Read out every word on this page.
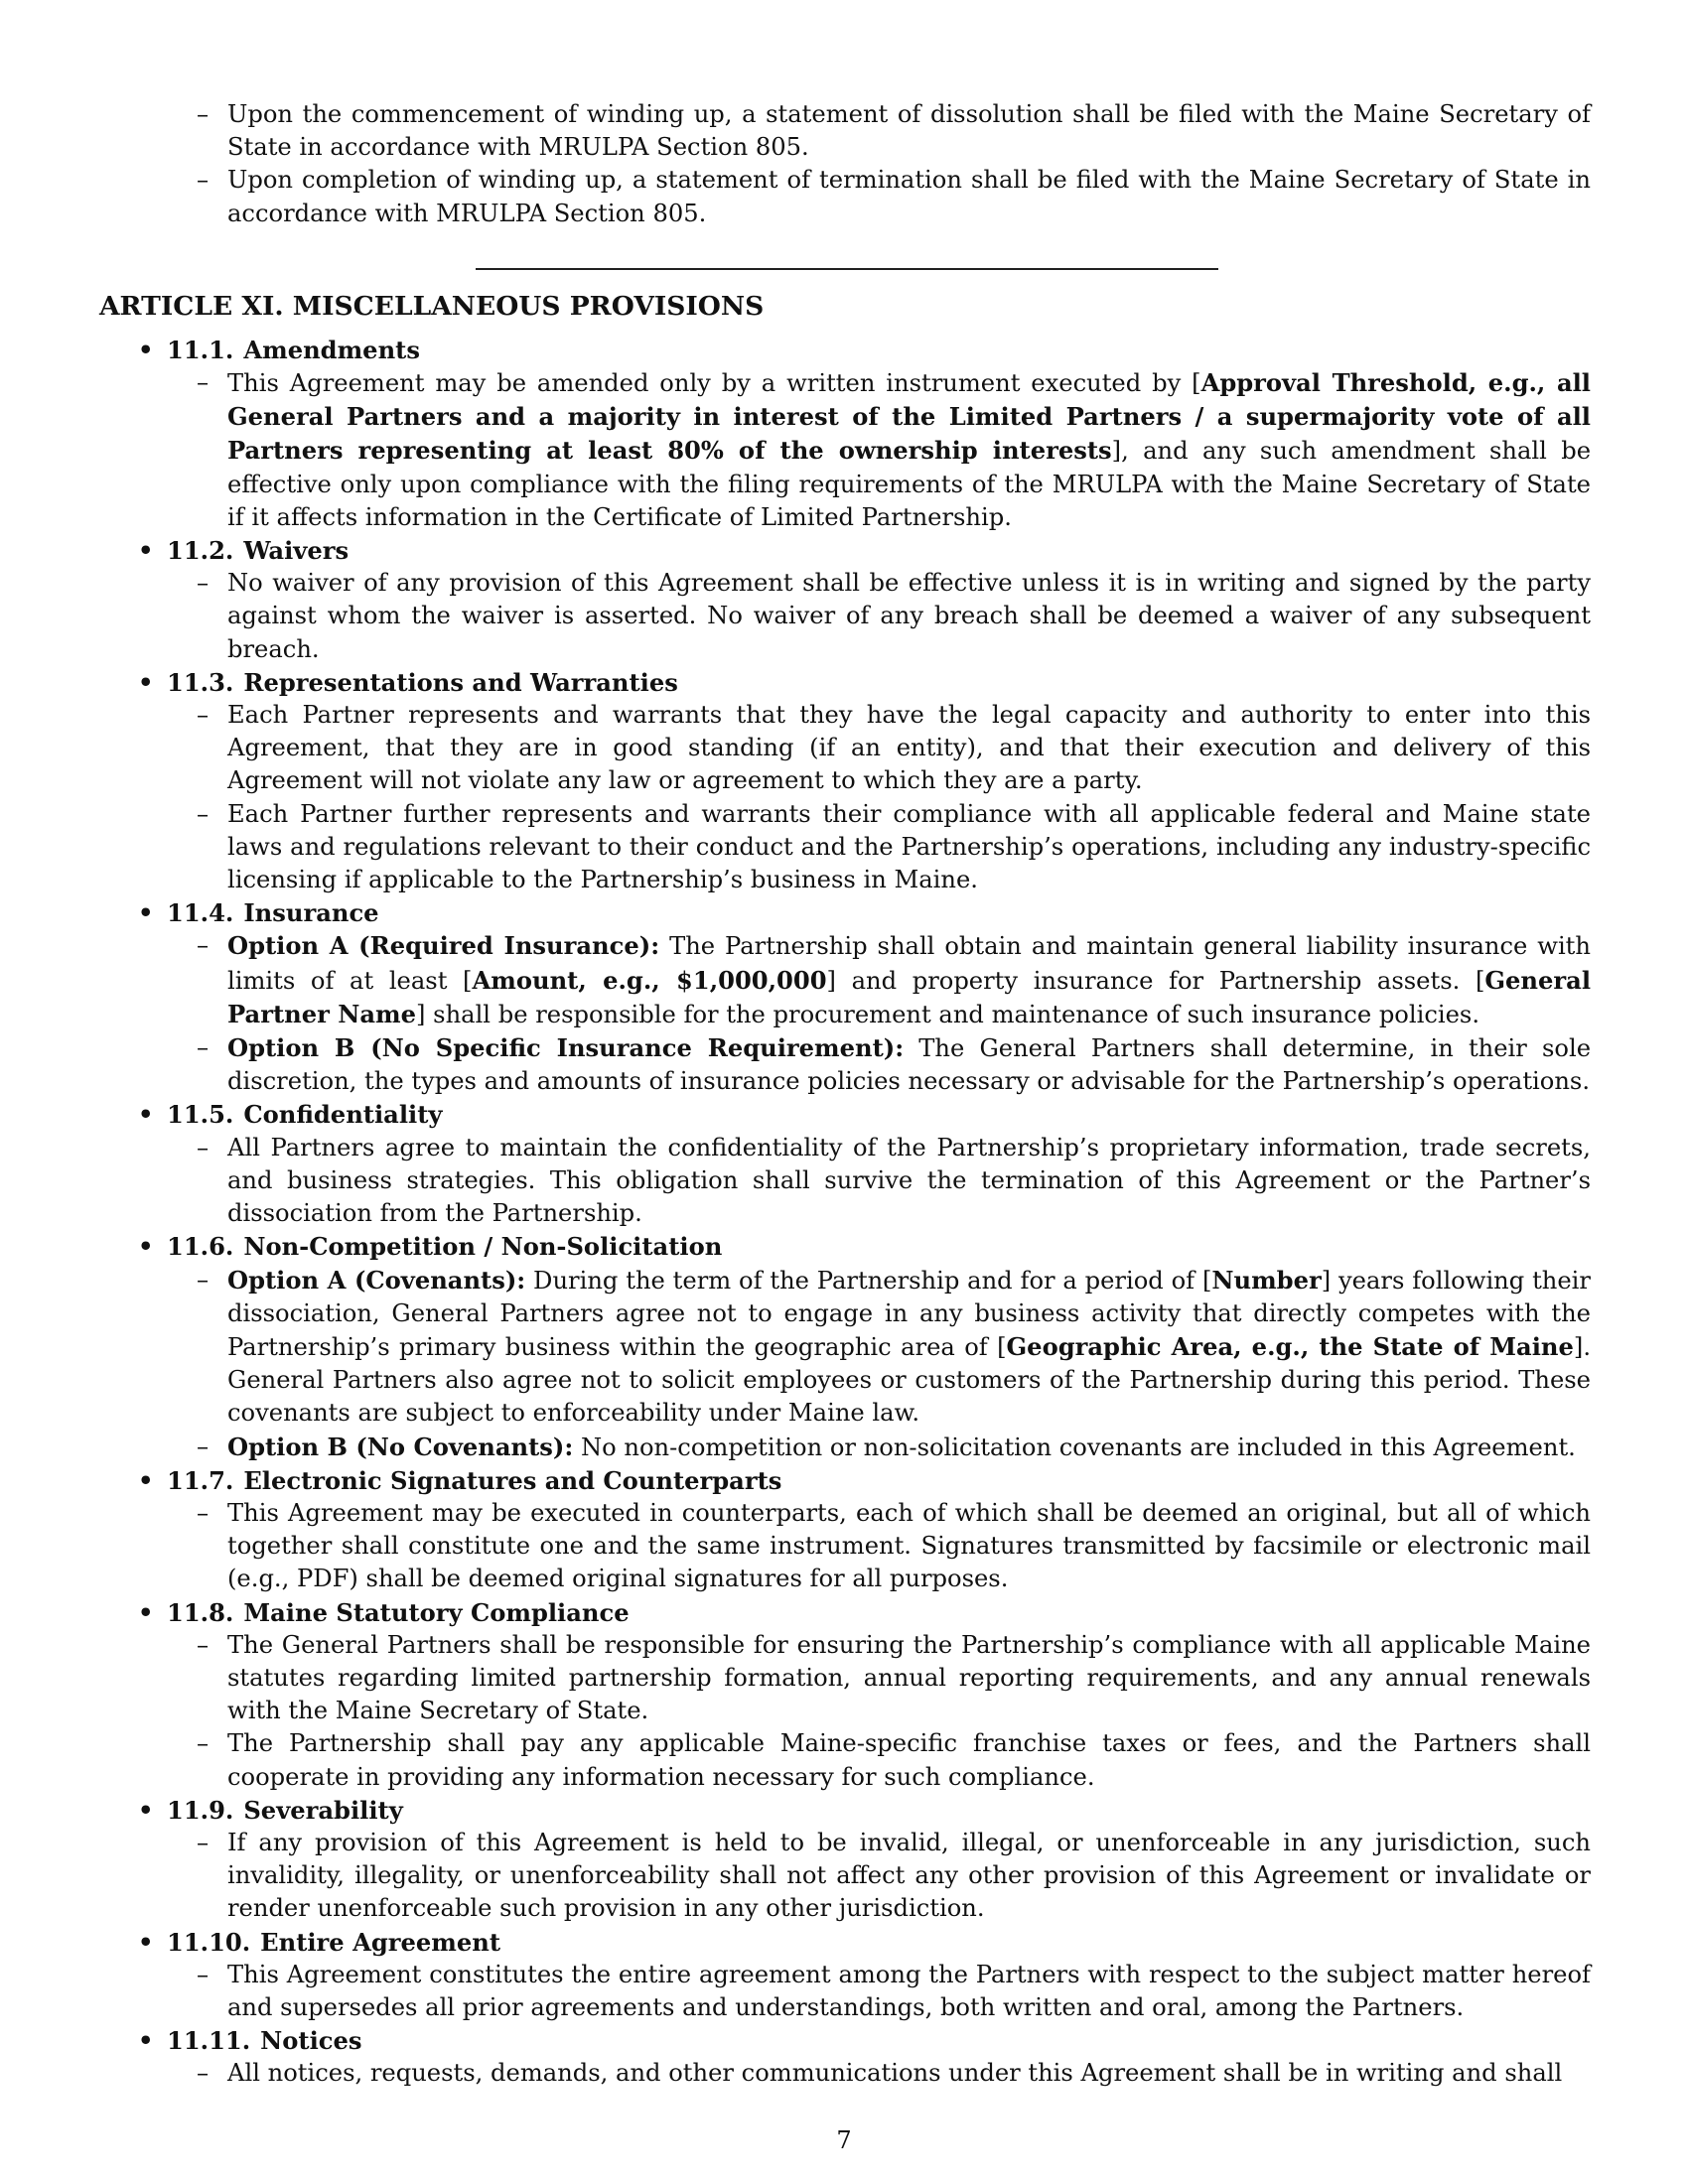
– Upon the commencement of winding up, a statement of dissolution shall be filed with the Maine Secretary of State in accordance with MRULPA Section 805.
– Upon completion of winding up, a statement of termination shall be filed with the Maine Secretary of State in accordance with MRULPA Section 805.
ARTICLE XI. MISCELLANEOUS PROVISIONS
• 11.1. Amendments
– This Agreement may be amended only by a written instrument executed by [Approval Threshold, e.g., all General Partners and a majority in interest of the Limited Partners / a supermajority vote of all Partners representing at least 80% of the ownership interests], and any such amendment shall be effective only upon compliance with the filing requirements of the MRULPA with the Maine Secretary of State if it affects information in the Certificate of Limited Partnership.
• 11.2. Waivers
– No waiver of any provision of this Agreement shall be effective unless it is in writing and signed by the party against whom the waiver is asserted. No waiver of any breach shall be deemed a waiver of any subsequent breach.
• 11.3. Representations and Warranties
– Each Partner represents and warrants that they have the legal capacity and authority to enter into this Agreement, that they are in good standing (if an entity), and that their execution and delivery of this Agreement will not violate any law or agreement to which they are a party.
– Each Partner further represents and warrants their compliance with all applicable federal and Maine state laws and regulations relevant to their conduct and the Partnership’s operations, including any industry-specific licensing if applicable to the Partnership’s business in Maine.
• 11.4. Insurance
– Option A (Required Insurance): The Partnership shall obtain and maintain general liability insurance with limits of at least [Amount, e.g., $1,000,000] and property insurance for Partnership assets. [General Partner Name] shall be responsible for the procurement and maintenance of such insurance policies.
– Option B (No Specific Insurance Requirement): The General Partners shall determine, in their sole discretion, the types and amounts of insurance policies necessary or advisable for the Partnership’s operations.
• 11.5. Confidentiality
– All Partners agree to maintain the confidentiality of the Partnership’s proprietary information, trade secrets, and business strategies. This obligation shall survive the termination of this Agreement or the Partner’s dissociation from the Partnership.
• 11.6. Non-Competition / Non-Solicitation
– Option A (Covenants): During the term of the Partnership and for a period of [Number] years following their dissociation, General Partners agree not to engage in any business activity that directly competes with the Partnership’s primary business within the geographic area of [Geographic Area, e.g., the State of Maine]. General Partners also agree not to solicit employees or customers of the Partnership during this period. These covenants are subject to enforceability under Maine law.
– Option B (No Covenants): No non-competition or non-solicitation covenants are included in this Agreement.
• 11.7. Electronic Signatures and Counterparts
– This Agreement may be executed in counterparts, each of which shall be deemed an original, but all of which together shall constitute one and the same instrument. Signatures transmitted by facsimile or electronic mail (e.g., PDF) shall be deemed original signatures for all purposes.
• 11.8. Maine Statutory Compliance
– The General Partners shall be responsible for ensuring the Partnership’s compliance with all applicable Maine statutes regarding limited partnership formation, annual reporting requirements, and any annual renewals with the Maine Secretary of State.
– The Partnership shall pay any applicable Maine-specific franchise taxes or fees, and the Partners shall cooperate in providing any information necessary for such compliance.
• 11.9. Severability
– If any provision of this Agreement is held to be invalid, illegal, or unenforceable in any jurisdiction, such invalidity, illegality, or unenforceability shall not affect any other provision of this Agreement or invalidate or render unenforceable such provision in any other jurisdiction.
• 11.10. Entire Agreement
– This Agreement constitutes the entire agreement among the Partners with respect to the subject matter hereof and supersedes all prior agreements and understandings, both written and oral, among the Partners.
• 11.11. Notices
– All notices, requests, demands, and other communications under this Agreement shall be in writing and shall
7
